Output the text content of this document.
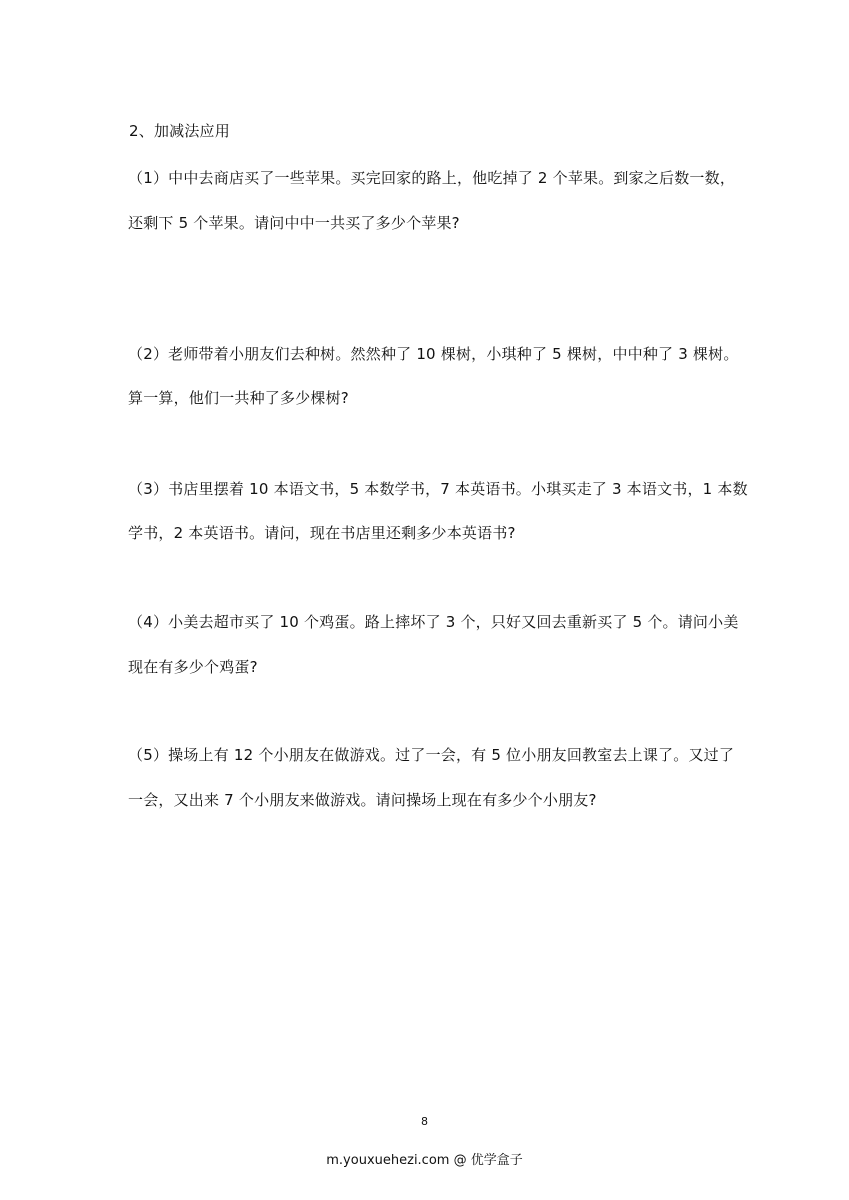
2、加减法应用
（1）中中去商店买了一些苹果。买完回家的路上，他吃掉了 2 个苹果。到家之后数一数，
还剩下 5 个苹果。请问中中一共买了多少个苹果?
（2）老师带着小朋友们去种树。然然种了 10 棵树，小琪种了 5 棵树，中中种了 3 棵树。
算一算，他们一共种了多少棵树?
（3）书店里摆着 10 本语文书，5 本数学书，7 本英语书。小琪买走了 3 本语文书，1 本数
学书，2 本英语书。请问，现在书店里还剩多少本英语书?
（4）小美去超市买了 10 个鸡蛋。路上摔坏了 3 个，只好又回去重新买了 5 个。请问小美
现在有多少个鸡蛋?
（5）操场上有 12 个小朋友在做游戏。过了一会，有 5 位小朋友回教室去上课了。又过了
一会，又出来 7 个小朋友来做游戏。请问操场上现在有多少个小朋友?
8
m.youxuehezi.com @ 优学盒子
